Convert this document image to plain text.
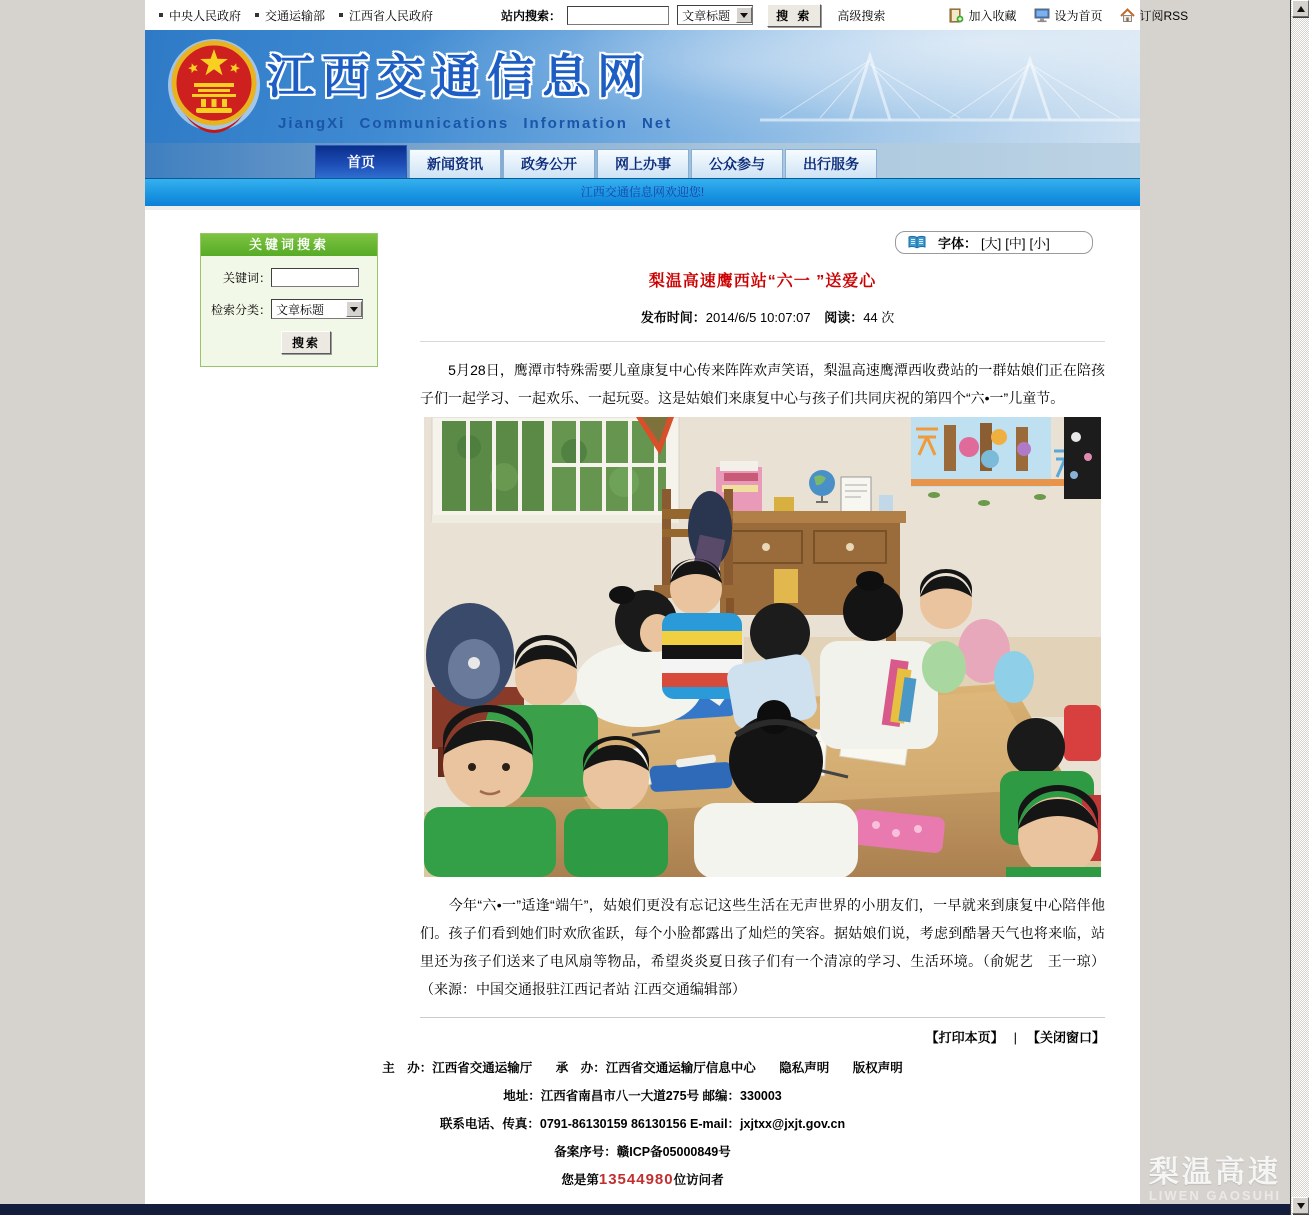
中央人民政府 交通运输部 江西省人民政府	站内搜索：	文章标题	搜 索	高级搜索	加入收藏	设为首页	订阅RSS
江西交通信息网
JiangXi Communications Information Net
首页	新闻资讯	政务公开	网上办事	公众参与	出行服务
江西交通信息网欢迎您!
关键词搜索
关键词：
检索分类： 文章标题
搜索
字体： [大] [中] [小]
梨温高速鹰西站“六一 ”送爱心
发布时间：2014/6/5 10:07:07 阅读：44 次

　　5月28日，鹰潭市特殊需要儿童康复中心传来阵阵欢声笑语，梨温高速鹰潭西收费站的一群姑娘们正在陪孩子们一起学习、一起欢乐、一起玩耍。这是姑娘们来康复中心与孩子们共同庆祝的第四个“六•一”儿童节。

　　今年“六•一”适逢“端午”，姑娘们更没有忘记这些生活在无声世界的小朋友们，一早就来到康复中心陪伴他们。孩子们看到她们时欢欣雀跃，每个小脸都露出了灿烂的笑容。据姑娘们说，考虑到酷暑天气也将来临，站里还为孩子们送来了电风扇等物品，希望炎炎夏日孩子们有一个清凉的学习、生活环境。（俞妮艺　王一琼）（来源：中国交通报驻江西记者站 江西交通编辑部）

【打印本页】 | 【关闭窗口】
主　办：江西省交通运输厅 承　办：江西省交通运输厅信息中心 隐私声明 版权声明
地址：江西省南昌市八一大道275号 邮编：330003
联系电话、传真：0791-86130159 86130156 E-mail：jxjtxx@jxjt.gov.cn
备案序号：赣ICP备05000849号
您是第13544980位访问者	梨温高速
LIWEN GAOSUHI
